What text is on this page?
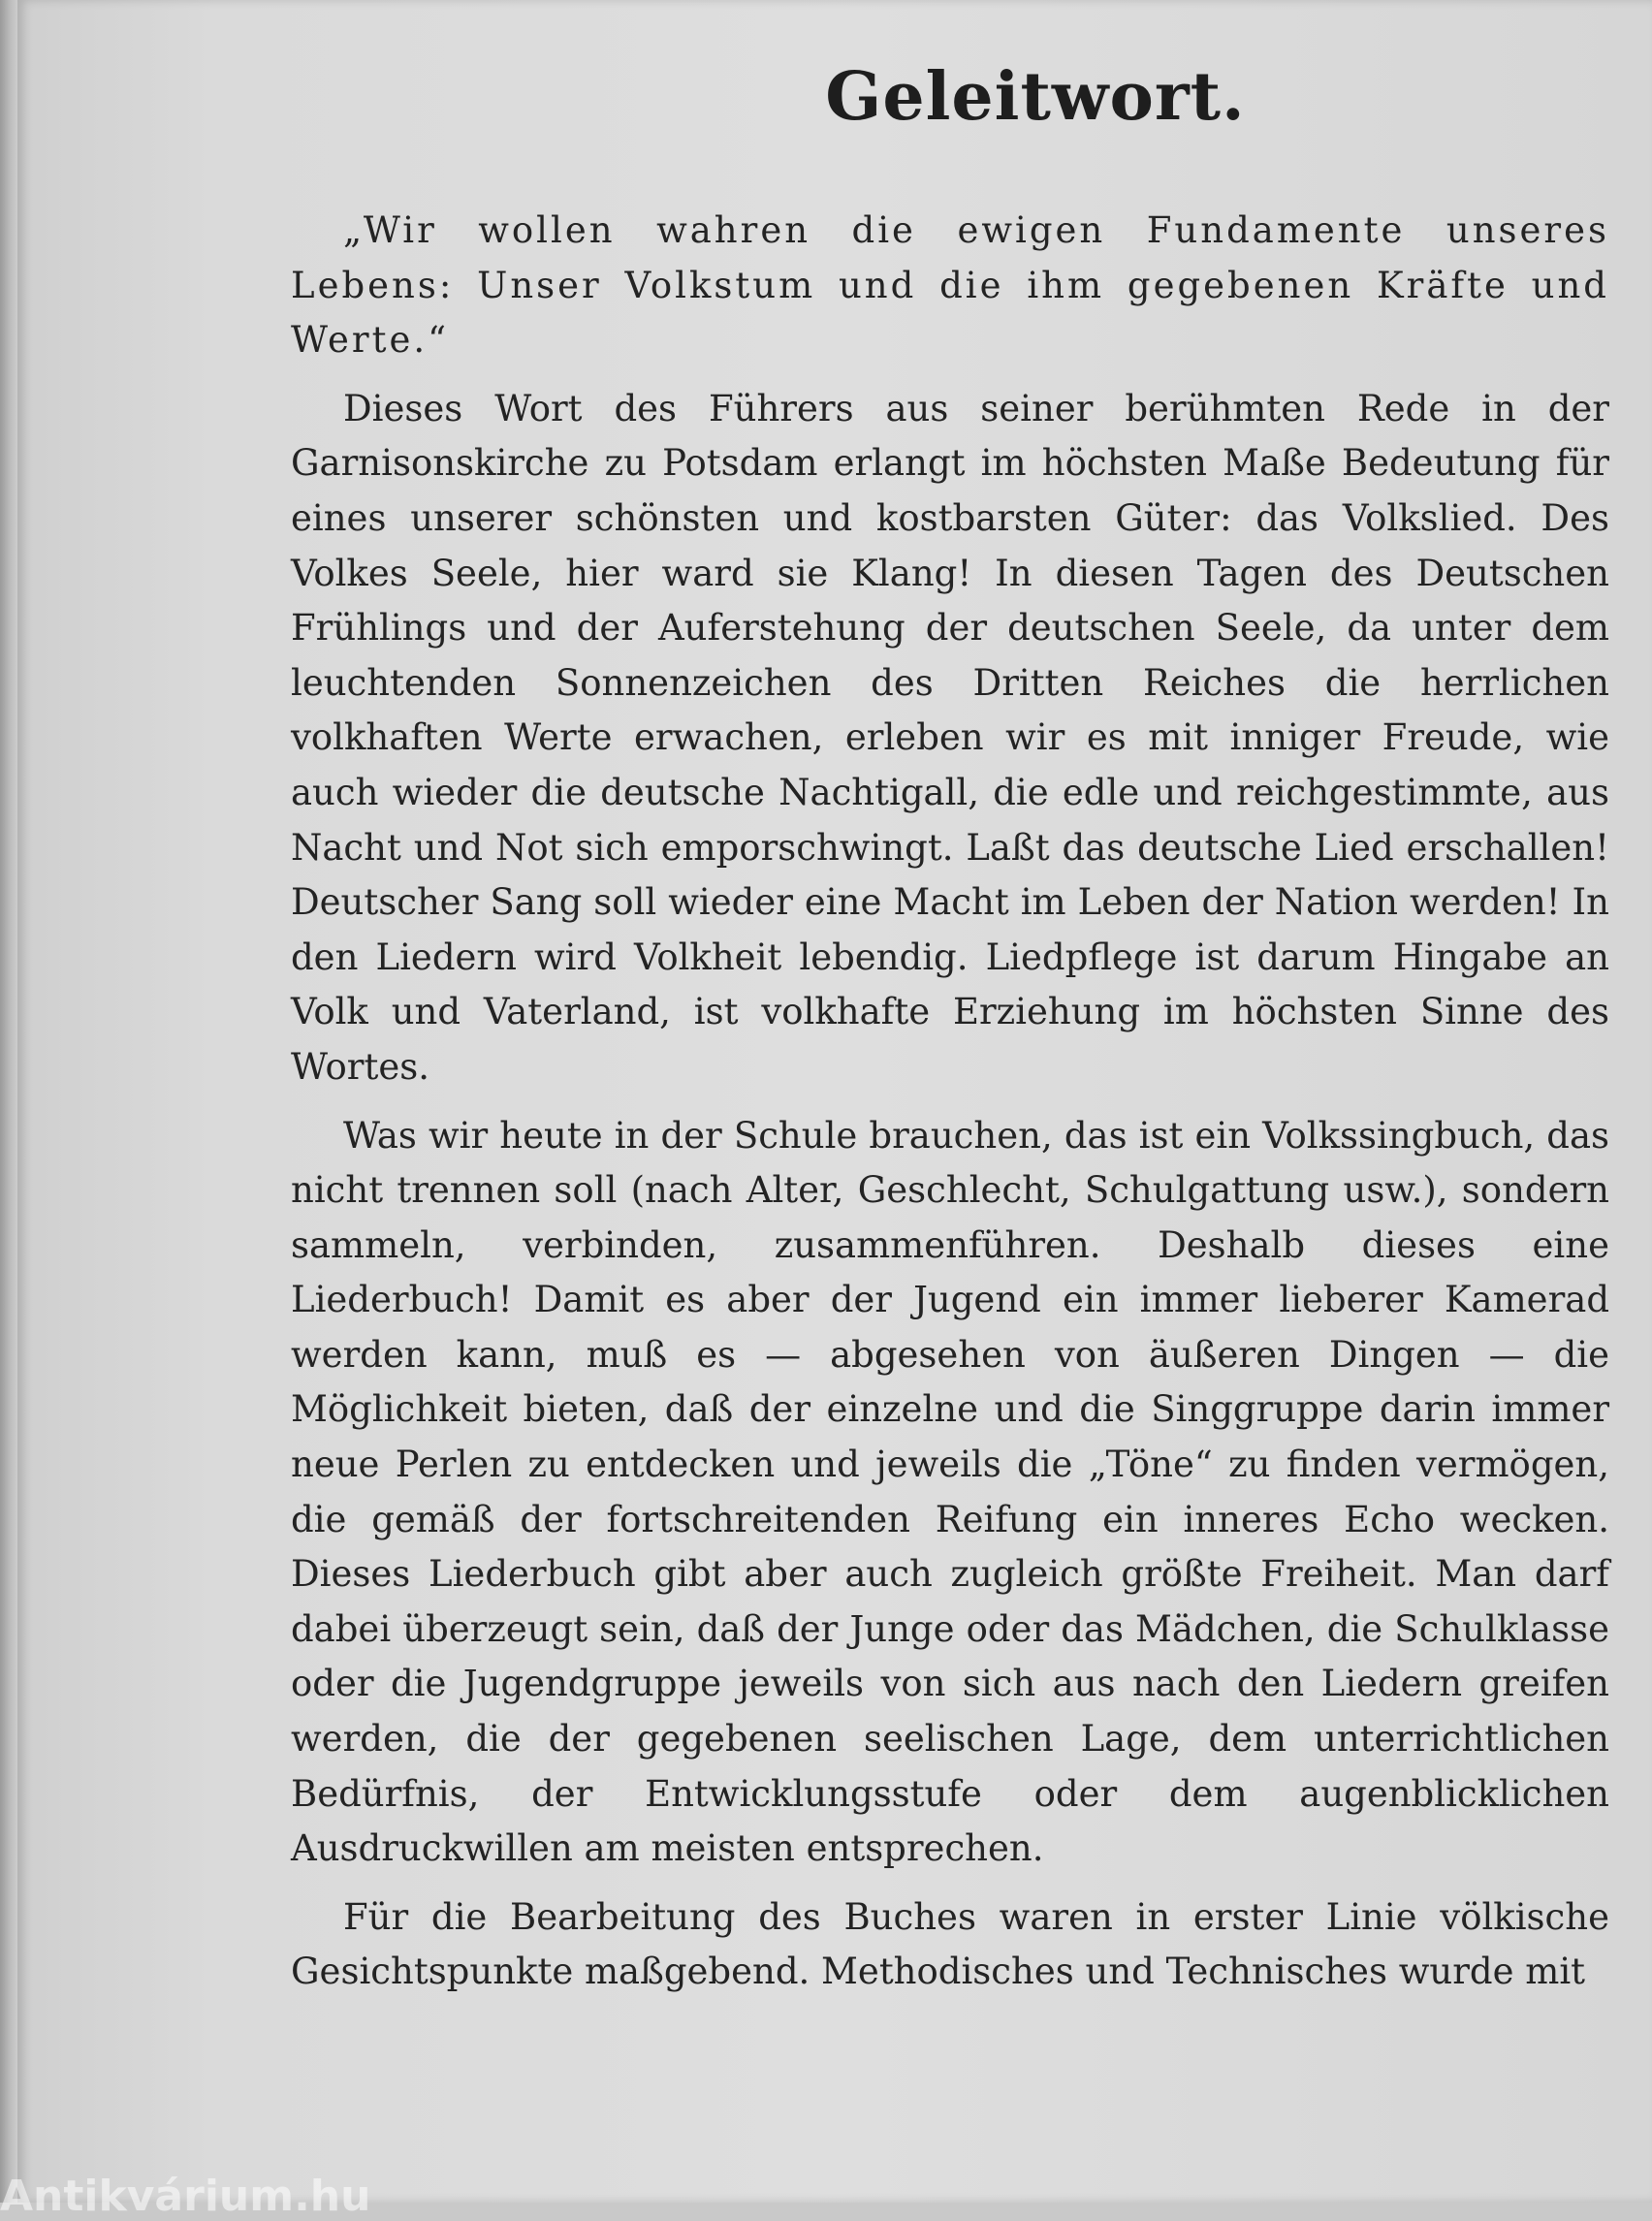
Geleitwort.

„Wir wollen wahren die ewigen Fundamente unseres Lebens: Unser Volkstum und die ihm gegebenen Kräfte und Werte.“

Dieses Wort des Führers aus seiner berühmten Rede in der Garnisonskirche zu Potsdam erlangt im höchsten Maße Bedeutung für eines unserer schönsten und kostbarsten Güter: das Volkslied. Des Volkes Seele, hier ward sie Klang! In diesen Tagen des Deutschen Frühlings und der Auferstehung der deutschen Seele, da unter dem leuchtenden Sonnenzeichen des Dritten Reiches die herrlichen volkhaften Werte erwachen, erleben wir es mit inniger Freude, wie auch wieder die deutsche Nachtigall, die edle und reichgestimmte, aus Nacht und Not sich emporschwingt. Laßt das deutsche Lied erschallen! Deutscher Sang soll wieder eine Macht im Leben der Nation werden! In den Liedern wird Volkheit lebendig. Liedpflege ist darum Hingabe an Volk und Vaterland, ist volkhafte Erziehung im höchsten Sinne des Wortes.

Was wir heute in der Schule brauchen, das ist ein Volkssingbuch, das nicht trennen soll (nach Alter, Geschlecht, Schulgattung usw.), sondern sammeln, verbinden, zusammenführen. Deshalb dieses eine Liederbuch! Damit es aber der Jugend ein immer lieberer Kamerad werden kann, muß es — abgesehen von äußeren Dingen — die Möglichkeit bieten, daß der einzelne und die Singgruppe darin immer neue Perlen zu entdecken und jeweils die „Töne“ zu finden vermögen, die gemäß der fortschreitenden Reifung ein inneres Echo wecken. Dieses Liederbuch gibt aber auch zugleich größte Freiheit. Man darf dabei überzeugt sein, daß der Junge oder das Mädchen, die Schulklasse oder die Jugendgruppe jeweils von sich aus nach den Liedern greifen werden, die der gegebenen seelischen Lage, dem unterrichtlichen Bedürfnis, der Entwicklungsstufe oder dem augenblicklichen Ausdruckwillen am meisten entsprechen.

Für die Bearbeitung des Buches waren in erster Linie völkische Gesichtspunkte maßgebend. Methodisches und Technisches wurde mit

Antikvárium.hu
